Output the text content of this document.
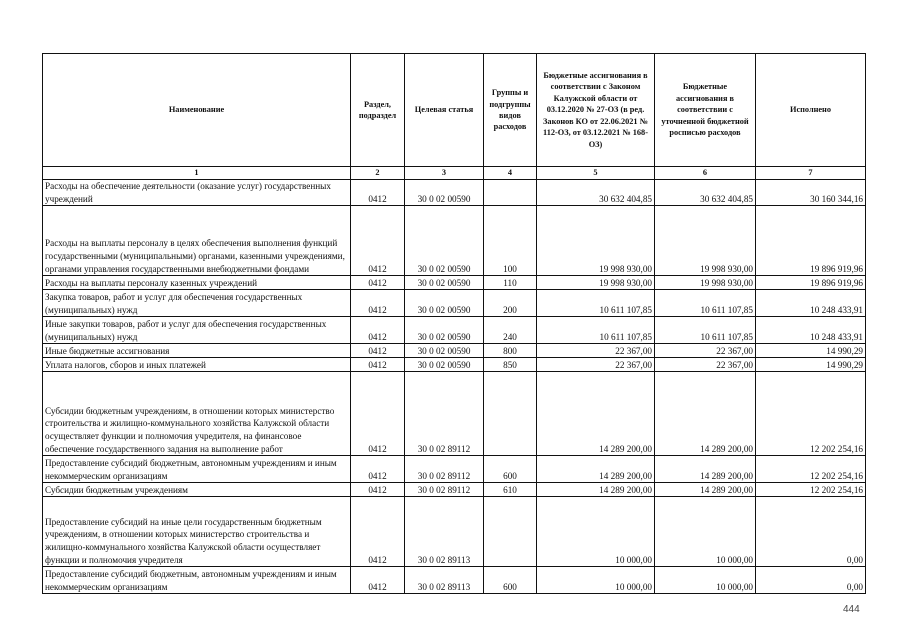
Наименование	Раздел, подраздел	Целевая статья	Группы и подгруппы видов расходов	Бюджетные ассигнования в соответствии с Законом Калужской области от 03.12.2020 № 27-ОЗ (в ред. Законов КО от 22.06.2021 № 112-ОЗ, от 03.12.2021 № 168-ОЗ)	Бюджетные ассигнования в соответствии с уточненной бюджетной росписью расходов	Исполнено
1	2	3	4	5	6	7
Расходы на обеспечение деятельности (оказание услуг) государственных учреждений	0412	30 0 02 00590		30 632 404,85	30 632 404,85	30 160 344,16
Расходы на выплаты персоналу в целях обеспечения выполнения функций государственными (муниципальными) органами, казенными учреждениями, органами управления государственными внебюджетными фондами	0412	30 0 02 00590	100	19 998 930,00	19 998 930,00	19 896 919,96
Расходы на выплаты персоналу казенных учреждений	0412	30 0 02 00590	110	19 998 930,00	19 998 930,00	19 896 919,96
Закупка товаров, работ и услуг для обеспечения государственных (муниципальных) нужд	0412	30 0 02 00590	200	10 611 107,85	10 611 107,85	10 248 433,91
Иные закупки товаров, работ и услуг для обеспечения государственных (муниципальных) нужд	0412	30 0 02 00590	240	10 611 107,85	10 611 107,85	10 248 433,91
Иные бюджетные ассигнования	0412	30 0 02 00590	800	22 367,00	22 367,00	14 990,29
Уплата налогов, сборов и иных платежей	0412	30 0 02 00590	850	22 367,00	22 367,00	14 990,29
Субсидии бюджетным учреждениям, в отношении которых министерство строительства и жилищно-коммунального хозяйства Калужской области осуществляет функции и полномочия учредителя, на финансовое обеспечение государственного задания на выполнение работ	0412	30 0 02 89112		14 289 200,00	14 289 200,00	12 202 254,16
Предоставление субсидий бюджетным, автономным учреждениям и иным некоммерческим организациям	0412	30 0 02 89112	600	14 289 200,00	14 289 200,00	12 202 254,16
Субсидии бюджетным учреждениям	0412	30 0 02 89112	610	14 289 200,00	14 289 200,00	12 202 254,16
Предоставление субсидий на иные цели государственным бюджетным учреждениям, в отношении которых министерство строительства и жилищно-коммунального хозяйства Калужской области осуществляет функции и полномочия учредителя	0412	30 0 02 89113		10 000,00	10 000,00	0,00
Предоставление субсидий бюджетным, автономным учреждениям и иным некоммерческим организациям	0412	30 0 02 89113	600	10 000,00	10 000,00	0,00
444
